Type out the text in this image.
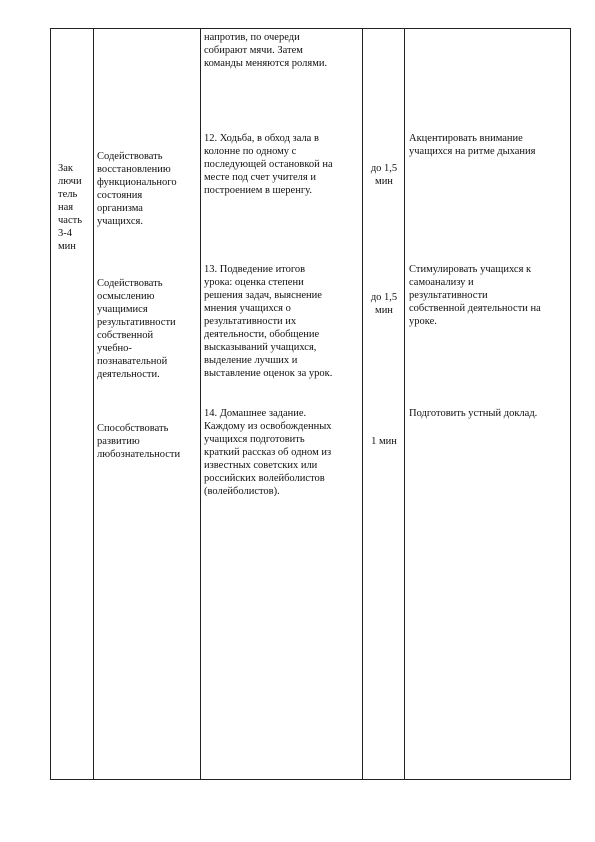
напротив, по очереди
собирают мячи. Затем
команды меняются ролями.
Зак
лючи
тель
ная
часть
3-4
мин
Содействовать
восстановлению
функционального
состояния
организма
учащихся.
12. Ходьба, в обход зала в
колонне по одному с
последующей остановкой на
месте под счет учителя и
построением в шеренгу.
до 1,5
мин
Акцентировать внимание
учащихся на ритме дыхания
Содействовать
осмыслению
учащимися
результативности
собственной
учебно-
познавательной
деятельности.
13. Подведение итогов
урока: оценка степени
решения задач, выяснение
мнения учащихся о
результативности их
деятельности, обобщение
высказываний учащихся,
выделение лучших и
выставление оценок за урок.
до 1,5
мин
Стимулировать учащихся к
самоанализу и
результативности
собственной деятельности на
уроке.
Способствовать
развитию
любознательности
14. Домашнее задание.
Каждому из освобожденных
учащихся подготовить
краткий рассказ об одном из
известных советских или
российских волейболистов
(волейболистов).
1 мин
Подготовить устный доклад.
